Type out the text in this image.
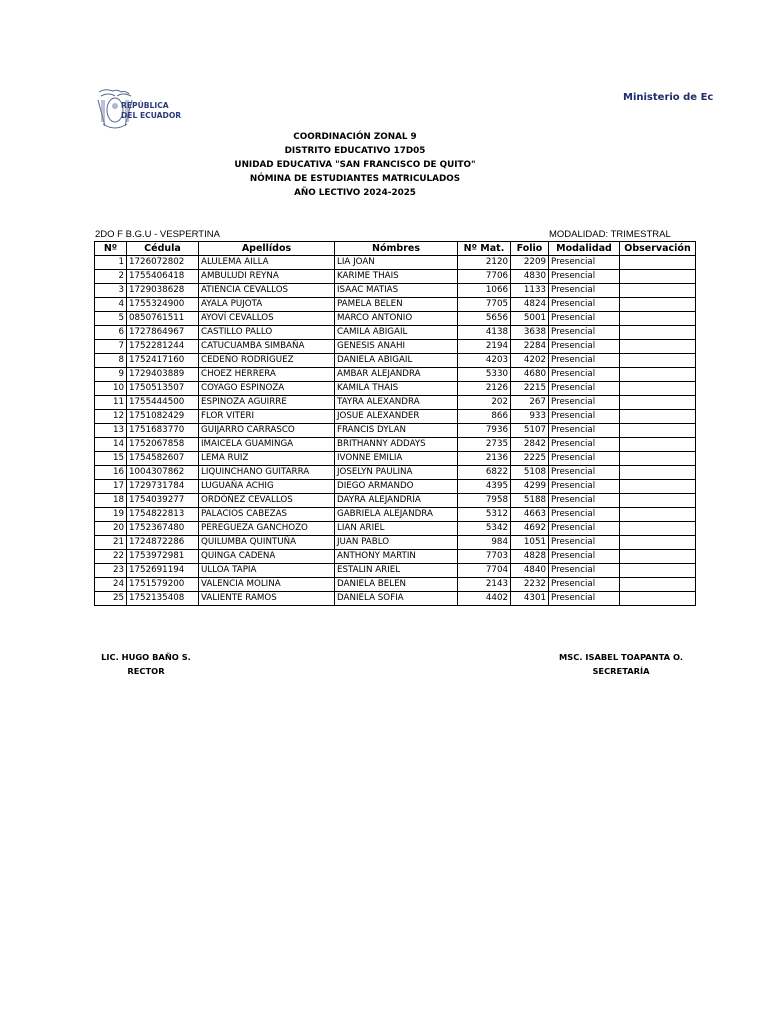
REPÚBLICA
DEL ECUADOR
Ministerio de Ec
COORDINACIÓN ZONAL 9
DISTRITO EDUCATIVO 17D05
UNIDAD EDUCATIVA "SAN FRANCISCO DE QUITO"
NÓMINA DE ESTUDIANTES MATRICULADOS
AÑO LECTIVO 2024-2025
2DO F B.G.U - VESPERTINA	MODALIDAD: TRIMESTRAL
Nº	Cédula	Apellídos	Nómbres	Nº Mat.	Folio	Modalidad	Observación
1	1726072802	ALULEMA AILLA	LIA JOAN	2120	2209	Presencial	
2	1755406418	AMBULUDI REYNA	KARIME THAIS	7706	4830	Presencial	
3	1729038628	ATIENCIA CEVALLOS	ISAAC MATIAS	1066	1133	Presencial	
4	1755324900	AYALA PUJOTA	PAMELA BELEN	7705	4824	Presencial	
5	0850761511	AYOVÍ CEVALLOS	MARCO ANTONIO	5656	5001	Presencial	
6	1727864967	CASTILLO PALLO	CAMILA ABIGAIL	4138	3638	Presencial	
7	1752281244	CATUCUAMBA SIMBAÑA	GENESIS ANAHI	2194	2284	Presencial	
8	1752417160	CEDEÑO RODRÍGUEZ	DANIELA ABIGAIL	4203	4202	Presencial	
9	1729403889	CHOEZ HERRERA	AMBAR ALEJANDRA	5330	4680	Presencial	
10	1750513507	COYAGO ESPINOZA	KAMILA THAIS	2126	2215	Presencial	
11	1755444500	ESPINOZA AGUIRRE	TAYRA ALEXANDRA	202	267	Presencial	
12	1751082429	FLOR VITERI	JOSUE ALEXANDER	866	933	Presencial	
13	1751683770	GUIJARRO CARRASCO	FRANCIS DYLAN	7936	5107	Presencial	
14	1752067858	IMAICELA GUAMINGA	BRITHANNY ADDAYS	2735	2842	Presencial	
15	1754582607	LEMA RUIZ	IVONNE EMILIA	2136	2225	Presencial	
16	1004307862	LIQUINCHANO GUITARRA	JOSELYN PAULINA	6822	5108	Presencial	
17	1729731784	LUGUAÑA ACHIG	DIEGO ARMANDO	4395	4299	Presencial	
18	1754039277	ORDÓÑEZ CEVALLOS	DAYRA ALEJANDRÍA	7958	5188	Presencial	
19	1754822813	PALACIOS CABEZAS	GABRIELA ALEJANDRA	5312	4663	Presencial	
20	1752367480	PEREGUEZA GANCHOZO	LIAN ARIEL	5342	4692	Presencial	
21	1724872286	QUILUMBA QUINTUÑA	JUAN PABLO	984	1051	Presencial	
22	1753972981	QUINGA CADENA	ANTHONY MARTIN	7703	4828	Presencial	
23	1752691194	ULLOA TAPIA	ESTALIN ARIEL	7704	4840	Presencial	
24	1751579200	VALENCIA MOLINA	DANIELA BELEN	2143	2232	Presencial	
25	1752135408	VALIENTE RAMOS	DANIELA SOFIA	4402	4301	Presencial	
LIC. HUGO BAÑO S.
RECTOR
MSC. ISABEL TOAPANTA O.
SECRETARÍA
